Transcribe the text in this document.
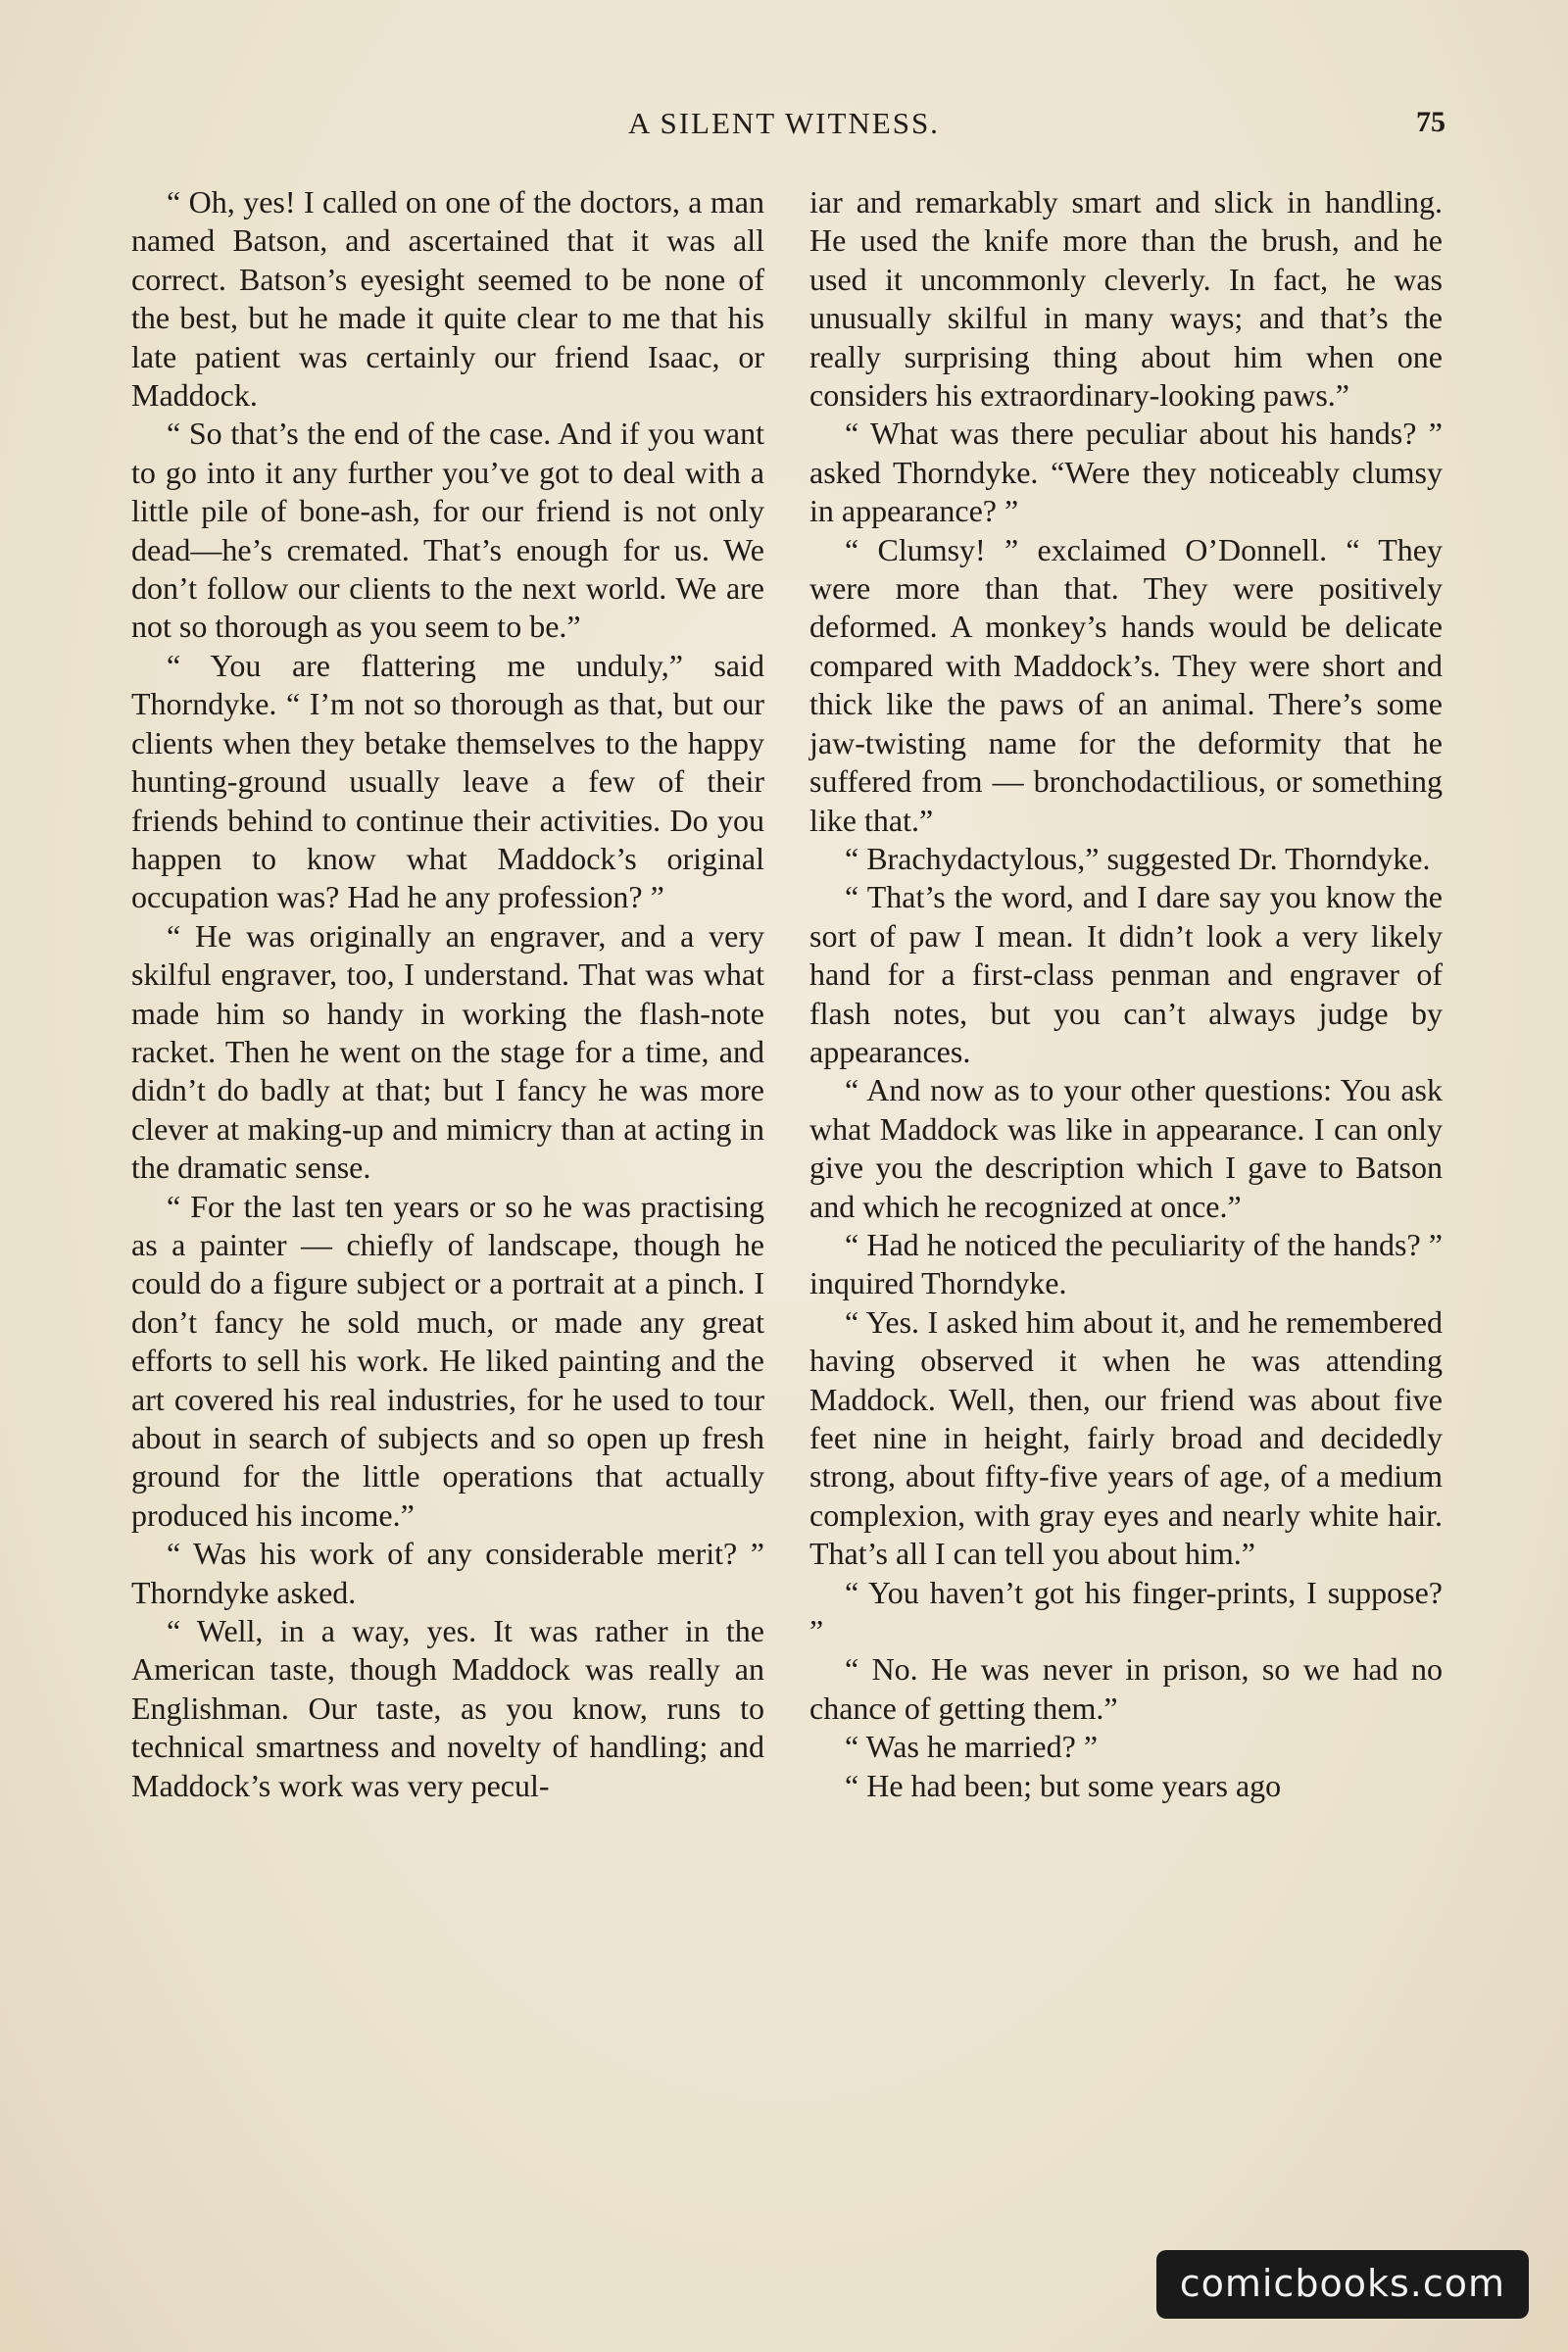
A SILENT WITNESS.	75

“ Oh, yes! I called on one of the doctors, a man named Batson, and ascertained that it was all correct. Batson’s eyesight seemed to be none of the best, but he made it quite clear to me that his late patient was certainly our friend Isaac, or Maddock.

“ So that’s the end of the case. And if you want to go into it any further you’ve got to deal with a little pile of bone-ash, for our friend is not only dead—he’s cremated. That’s enough for us. We don’t follow our clients to the next world. We are not so thorough as you seem to be.”

“ You are flattering me unduly,” said Thorndyke. “ I’m not so thorough as that, but our clients when they betake themselves to the happy hunting-ground usually leave a few of their friends behind to continue their activities. Do you happen to know what Maddock’s original occupation was? Had he any profession? ”

“ He was originally an engraver, and a very skilful engraver, too, I understand. That was what made him so handy in working the flash-note racket. Then he went on the stage for a time, and didn’t do badly at that; but I fancy he was more clever at making-up and mimicry than at acting in the dramatic sense.

“ For the last ten years or so he was practising as a painter — chiefly of landscape, though he could do a figure subject or a portrait at a pinch. I don’t fancy he sold much, or made any great efforts to sell his work. He liked painting and the art covered his real industries, for he used to tour about in search of subjects and so open up fresh ground for the little operations that actually produced his income.”

“ Was his work of any considerable merit? ” Thorndyke asked.

“ Well, in a way, yes. It was rather in the American taste, though Maddock was really an Englishman. Our taste, as you know, runs to technical smartness and novelty of handling; and Maddock’s work was very pecul-

iar and remarkably smart and slick in handling. He used the knife more than the brush, and he used it uncommonly cleverly. In fact, he was unusually skilful in many ways; and that’s the really surprising thing about him when one considers his extraordinary-looking paws.”

“ What was there peculiar about his hands? ” asked Thorndyke. “Were they noticeably clumsy in appearance? ”

“ Clumsy! ” exclaimed O’Donnell. “ They were more than that. They were positively deformed. A monkey’s hands would be delicate compared with Maddock’s. They were short and thick like the paws of an animal. There’s some jaw-twisting name for the deformity that he suffered from — bronchodactilious, or something like that.”

“ Brachydactylous,” suggested Dr. Thorndyke.

“ That’s the word, and I dare say you know the sort of paw I mean. It didn’t look a very likely hand for a first-class penman and engraver of flash notes, but you can’t always judge by appearances.

“ And now as to your other questions: You ask what Maddock was like in appearance. I can only give you the description which I gave to Batson and which he recognized at once.”

“ Had he noticed the peculiarity of the hands? ” inquired Thorndyke.

“ Yes. I asked him about it, and he remembered having observed it when he was attending Maddock. Well, then, our friend was about five feet nine in height, fairly broad and decidedly strong, about fifty-five years of age, of a medium complexion, with gray eyes and nearly white hair. That’s all I can tell you about him.”

“ You haven’t got his finger-prints, I suppose? ”

“ No. He was never in prison, so we had no chance of getting them.”

“ Was he married? ”

“ He had been; but some years ago

comicbooks.com
